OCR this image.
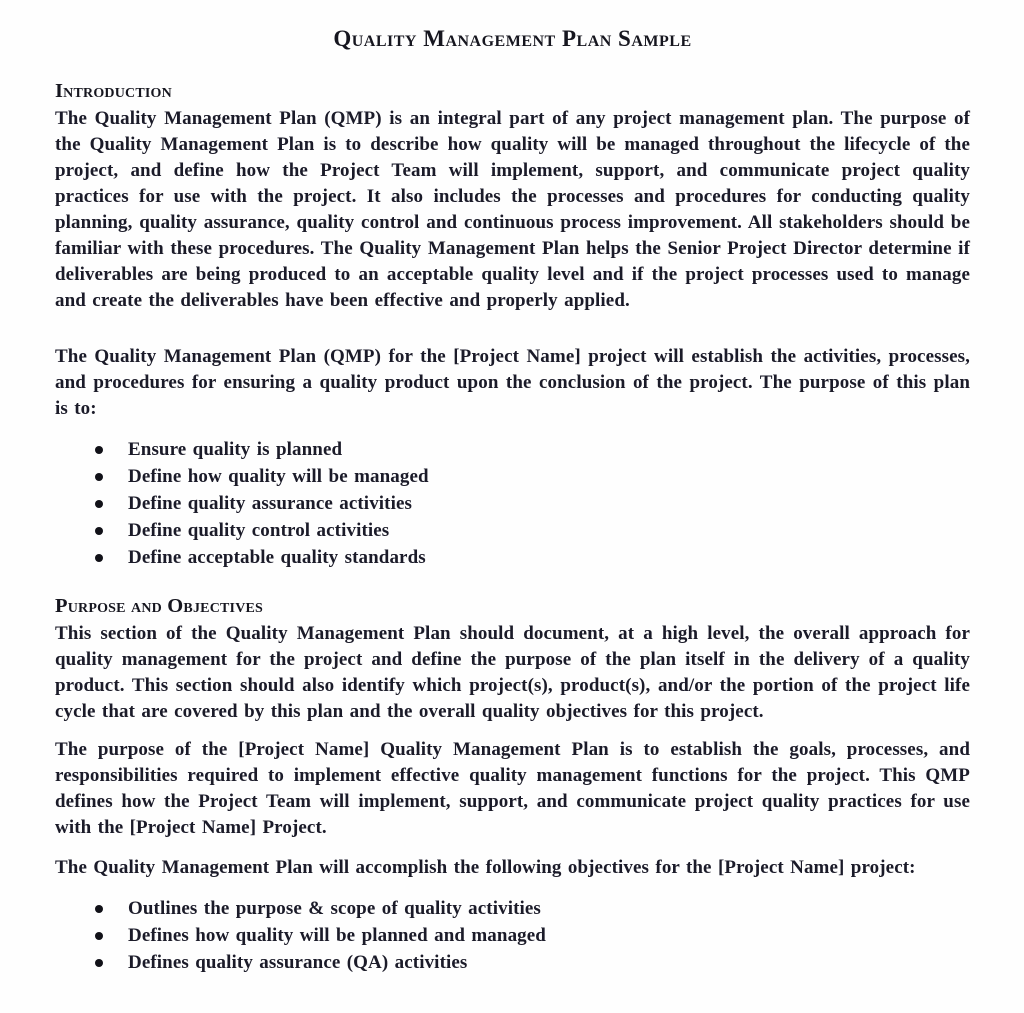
Quality Management Plan Sample
Introduction

The Quality Management Plan (QMP) is an integral part of any project management plan. The purpose of the Quality Management Plan is to describe how quality will be managed throughout the lifecycle of the project, and define how the Project Team will implement, support, and communicate project quality practices for use with the project. It also includes the processes and procedures for conducting quality planning, quality assurance, quality control and continuous process improvement. All stakeholders should be familiar with these procedures. The Quality Management Plan helps the Senior Project Director determine if deliverables are being produced to an acceptable quality level and if the project processes used to manage and create the deliverables have been effective and properly applied.

The Quality Management Plan (QMP) for the [Project Name] project will establish the activities, processes, and procedures for ensuring a quality product upon the conclusion of the project. The purpose of this plan is to:

Ensure quality is planned
Define how quality will be managed
Define quality assurance activities
Define quality control activities
Define acceptable quality standards
Purpose and Objectives

This section of the Quality Management Plan should document, at a high level, the overall approach for quality management for the project and define the purpose of the plan itself in the delivery of a quality product. This section should also identify which project(s), product(s), and/or the portion of the project life cycle that are covered by this plan and the overall quality objectives for this project.

The purpose of the [Project Name] Quality Management Plan is to establish the goals, processes, and responsibilities required to implement effective quality management functions for the project. This QMP defines how the Project Team will implement, support, and communicate project quality practices for use with the [Project Name] Project.

The Quality Management Plan will accomplish the following objectives for the [Project Name] project:

Outlines the purpose & scope of quality activities
Defines how quality will be planned and managed
Defines quality assurance (QA) activities
